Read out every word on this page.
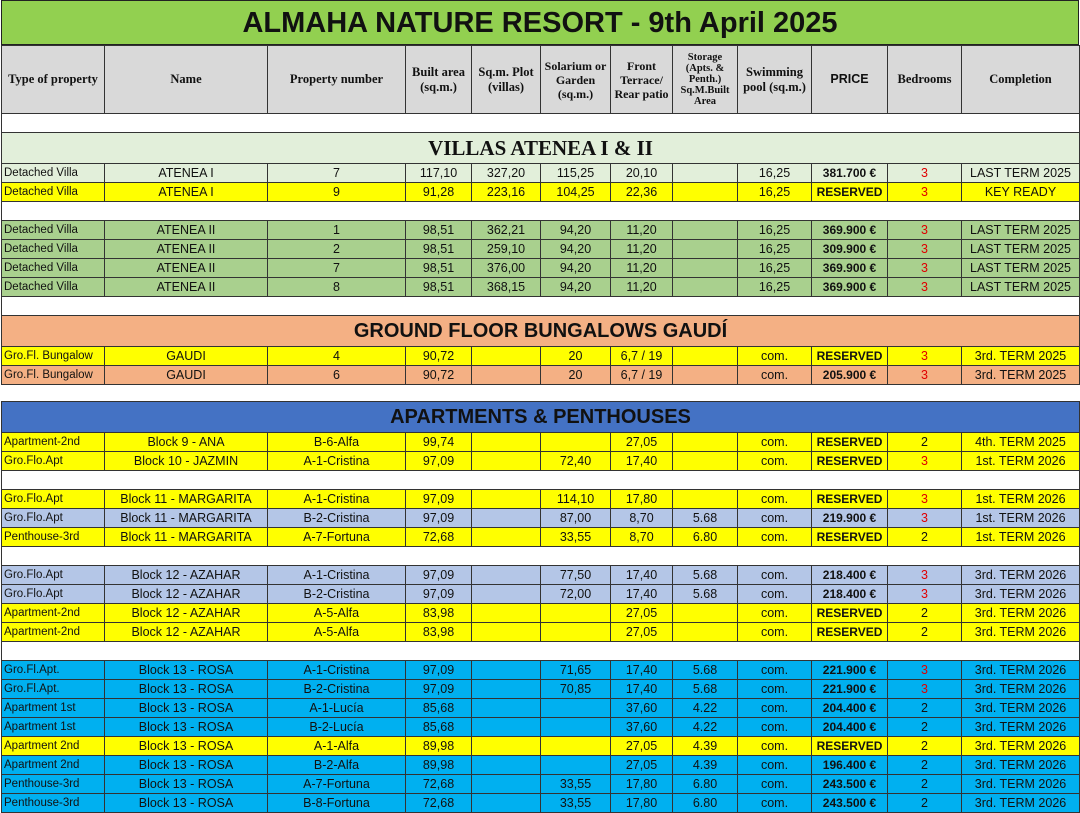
ALMAHA NATURE RESORT - 9th April 2025
Type of property	Name	Property number	Built area (sq.m.)	Sq.m. Plot (villas)	Solarium or Garden (sq.m.)	Front Terrace/ Rear patio	Storage (Apts. & Penth.) Sq.M.Built Area	Swimming pool (sq.m.)	PRICE	Bedrooms	Completion

VILLAS ATENEA I & II											
Detached Villa	ATENEA I	7	117,10	327,20	115,25	20,10		16,25	381.700 €	3	LAST TERM 2025
Detached Villa	ATENEA I	9	91,28	223,16	104,25	22,36		16,25	RESERVED	3	KEY READY

Detached Villa	ATENEA II	1	98,51	362,21	94,20	11,20		16,25	369.900 €	3	LAST TERM 2025
Detached Villa	ATENEA II	2	98,51	259,10	94,20	11,20		16,25	309.900 €	3	LAST TERM 2025
Detached Villa	ATENEA II	7	98,51	376,00	94,20	11,20		16,25	369.900 €	3	LAST TERM 2025
Detached Villa	ATENEA II	8	98,51	368,15	94,20	11,20		16,25	369.900 €	3	LAST TERM 2025

GROUND FLOOR BUNGALOWS GAUDÍ											
Gro.Fl. Bungalow	GAUDI	4	90,72		20	6,7 / 19		com.	RESERVED	3	3rd. TERM 2025
Gro.Fl. Bungalow	GAUDI	6	90,72		20	6,7 / 19		com.	205.900 €	3	3rd. TERM 2025

APARTMENTS & PENTHOUSES											
Apartment-2nd	Block 9 - ANA	B-6-Alfa	99,74			27,05		com.	RESERVED	2	4th. TERM 2025
Gro.Flo.Apt	Block 10 - JAZMIN	A-1-Cristina	97,09		72,40	17,40		com.	RESERVED	3	1st. TERM 2026

Gro.Flo.Apt	Block 11 - MARGARITA	A-1-Cristina	97,09		114,10	17,80		com.	RESERVED	3	1st. TERM 2026
Gro.Flo.Apt	Block 11 - MARGARITA	B-2-Cristina	97,09		87,00	8,70	5.68	com.	219.900 €	3	1st. TERM 2026
Penthouse-3rd	Block 11 - MARGARITA	A-7-Fortuna	72,68		33,55	8,70	6.80	com.	RESERVED	2	1st. TERM 2026

Gro.Flo.Apt	Block 12 - AZAHAR	A-1-Cristina	97,09		77,50	17,40	5.68	com.	218.400 €	3	3rd. TERM 2026
Gro.Flo.Apt	Block 12 - AZAHAR	B-2-Cristina	97,09		72,00	17,40	5.68	com.	218.400 €	3	3rd. TERM 2026
Apartment-2nd	Block 12 - AZAHAR	A-5-Alfa	83,98			27,05		com.	RESERVED	2	3rd. TERM 2026
Apartment-2nd	Block 12 - AZAHAR	A-5-Alfa	83,98			27,05		com.	RESERVED	2	3rd. TERM 2026

Gro.Fl.Apt.	Block 13 - ROSA	A-1-Cristina	97,09		71,65	17,40	5.68	com.	221.900 €	3	3rd. TERM 2026
Gro.Fl.Apt.	Block 13 - ROSA	B-2-Cristina	97,09		70,85	17,40	5.68	com.	221.900 €	3	3rd. TERM 2026
Apartment 1st	Block 13 - ROSA	A-1-Lucía	85,68			37,60	4.22	com.	204.400 €	2	3rd. TERM 2026
Apartment 1st	Block 13 - ROSA	B-2-Lucía	85,68			37,60	4.22	com.	204.400 €	2	3rd. TERM 2026
Apartment 2nd	Block 13 - ROSA	A-1-Alfa	89,98			27,05	4.39	com.	RESERVED	2	3rd. TERM 2026
Apartment 2nd	Block 13 - ROSA	B-2-Alfa	89,98			27,05	4.39	com.	196.400 €	2	3rd. TERM 2026
Penthouse-3rd	Block 13 - ROSA	A-7-Fortuna	72,68		33,55	17,80	6.80	com.	243.500 €	2	3rd. TERM 2026
Penthouse-3rd	Block 13 - ROSA	B-8-Fortuna	72,68		33,55	17,80	6.80	com.	243.500 €	2	3rd. TERM 2026
